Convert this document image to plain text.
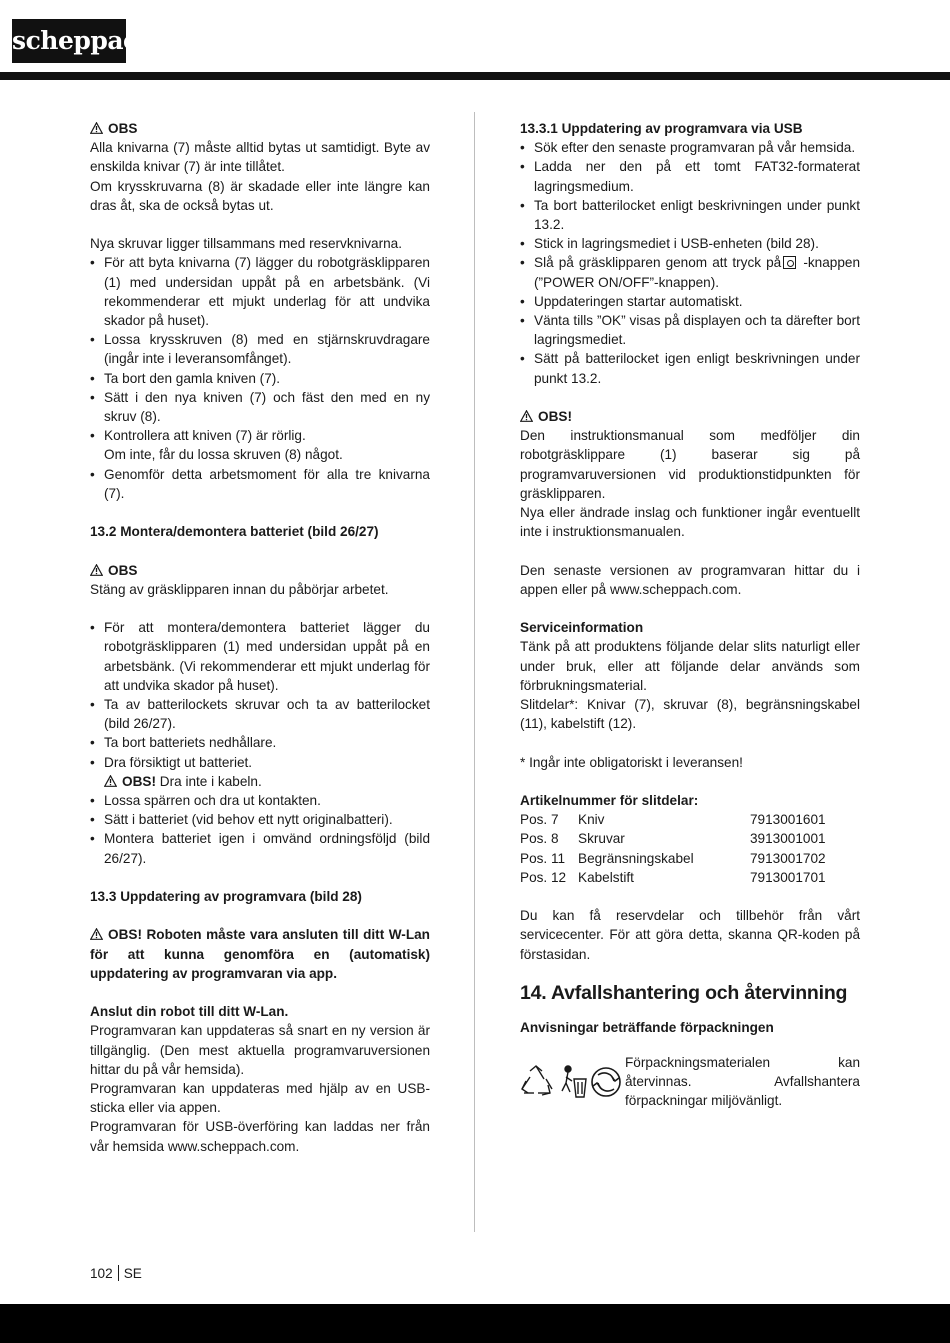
scheppach

OBS

Alla knivarna (7) måste alltid bytas ut samtidigt. Byte av enskilda knivar (7) är inte tillåtet.

Om krysskruvarna (8) är skadade eller inte längre kan dras åt, ska de också bytas ut.

Nya skruvar ligger tillsammans med reservknivarna.

• För att byta knivarna (7) lägger du robotgräsklipparen (1) med undersidan uppåt på en arbetsbänk. (Vi rekommenderar ett mjukt underlag för att undvika skador på huset).
• Lossa krysskruven (8) med en stjärnskruvdragare (ingår inte i leveransomfånget).
• Ta bort den gamla kniven (7).
• Sätt i den nya kniven (7) och fäst den med en ny skruv (8).
• Kontrollera att kniven (7) är rörlig.
Om inte, får du lossa skruven (8) något.
• Genomför detta arbetsmoment för alla tre knivarna (7).

13.2 Montera/demontera batteriet (bild 26/27)

OBS

Stäng av gräsklipparen innan du påbörjar arbetet.

• För att montera/demontera batteriet lägger du robotgräsklipparen (1) med undersidan uppåt på en arbetsbänk. (Vi rekommenderar ett mjukt underlag för att undvika skador på huset).
• Ta av batterilockets skruvar och ta av batterilocket (bild 26/27).
• Ta bort batteriets nedhållare.
• Dra försiktigt ut batteriet.
OBS! Dra inte i kabeln.
• Lossa spärren och dra ut kontakten.
• Sätt i batteriet (vid behov ett nytt originalbatteri).
• Montera batteriet igen i omvänd ordningsföljd (bild 26/27).

13.3 Uppdatering av programvara (bild 28)

OBS! Roboten måste vara ansluten till ditt W-Lan för att kunna genomföra en (automatisk) uppdatering av programvaran via app.

Anslut din robot till ditt W-Lan.

Programvaran kan uppdateras så snart en ny version är tillgänglig. (Den mest aktuella programvaruversionen hittar du på vår hemsida).

Programvaran kan uppdateras med hjälp av en USB-sticka eller via appen.

Programvaran för USB-överföring kan laddas ner från vår hemsida www.scheppach.com.

13.3.1 Uppdatering av programvara via USB

• Sök efter den senaste programvaran på vår hemsida.
• Ladda ner den på ett tomt FAT32-formaterat lagringsmedium.
• Ta bort batterilocket enligt beskrivningen under punkt 13.2.
• Stick in lagringsmediet i USB-enheten (bild 28).
• Slå på gräsklipparen genom att tryck på -knappen (”POWER ON/OFF”-knappen).
• Uppdateringen startar automatiskt.
• Vänta tills ”OK” visas på displayen och ta därefter bort lagringsmediet.
• Sätt på batterilocket igen enligt beskrivningen under punkt 13.2.

OBS!

Den instruktionsmanual som medföljer din robotgräsklippare (1) baserar sig på programvaruversionen vid produktionstidpunkten för gräsklipparen.

Nya eller ändrade inslag och funktioner ingår eventuellt inte i instruktionsmanualen.

Den senaste versionen av programvaran hittar du i appen eller på www.scheppach.com.

Serviceinformation

Tänk på att produktens följande delar slits naturligt eller under bruk, eller att följande delar används som förbrukningsmaterial.

Slitdelar*: Knivar (7), skruvar (8), begränsningskabel (11), kabelstift (12).

* Ingår inte obligatoriskt i leveransen!

Artikelnummer för slitdelar:

Pos. 7	Kniv	7913001601
Pos. 8	Skruvar	3913001001
Pos. 11	Begränsningskabel	7913001702
Pos. 12	Kabelstift	7913001701

Du kan få reservdelar och tillbehör från vårt servicecenter. För att göra detta, skanna QR-koden på förstasidan.

14. Avfallshantering och återvinning

Anvisningar beträffande förpackningen

Förpackningsmaterialen kan återvinnas. Avfallshantera förpackningar miljövänligt.

102 SE
